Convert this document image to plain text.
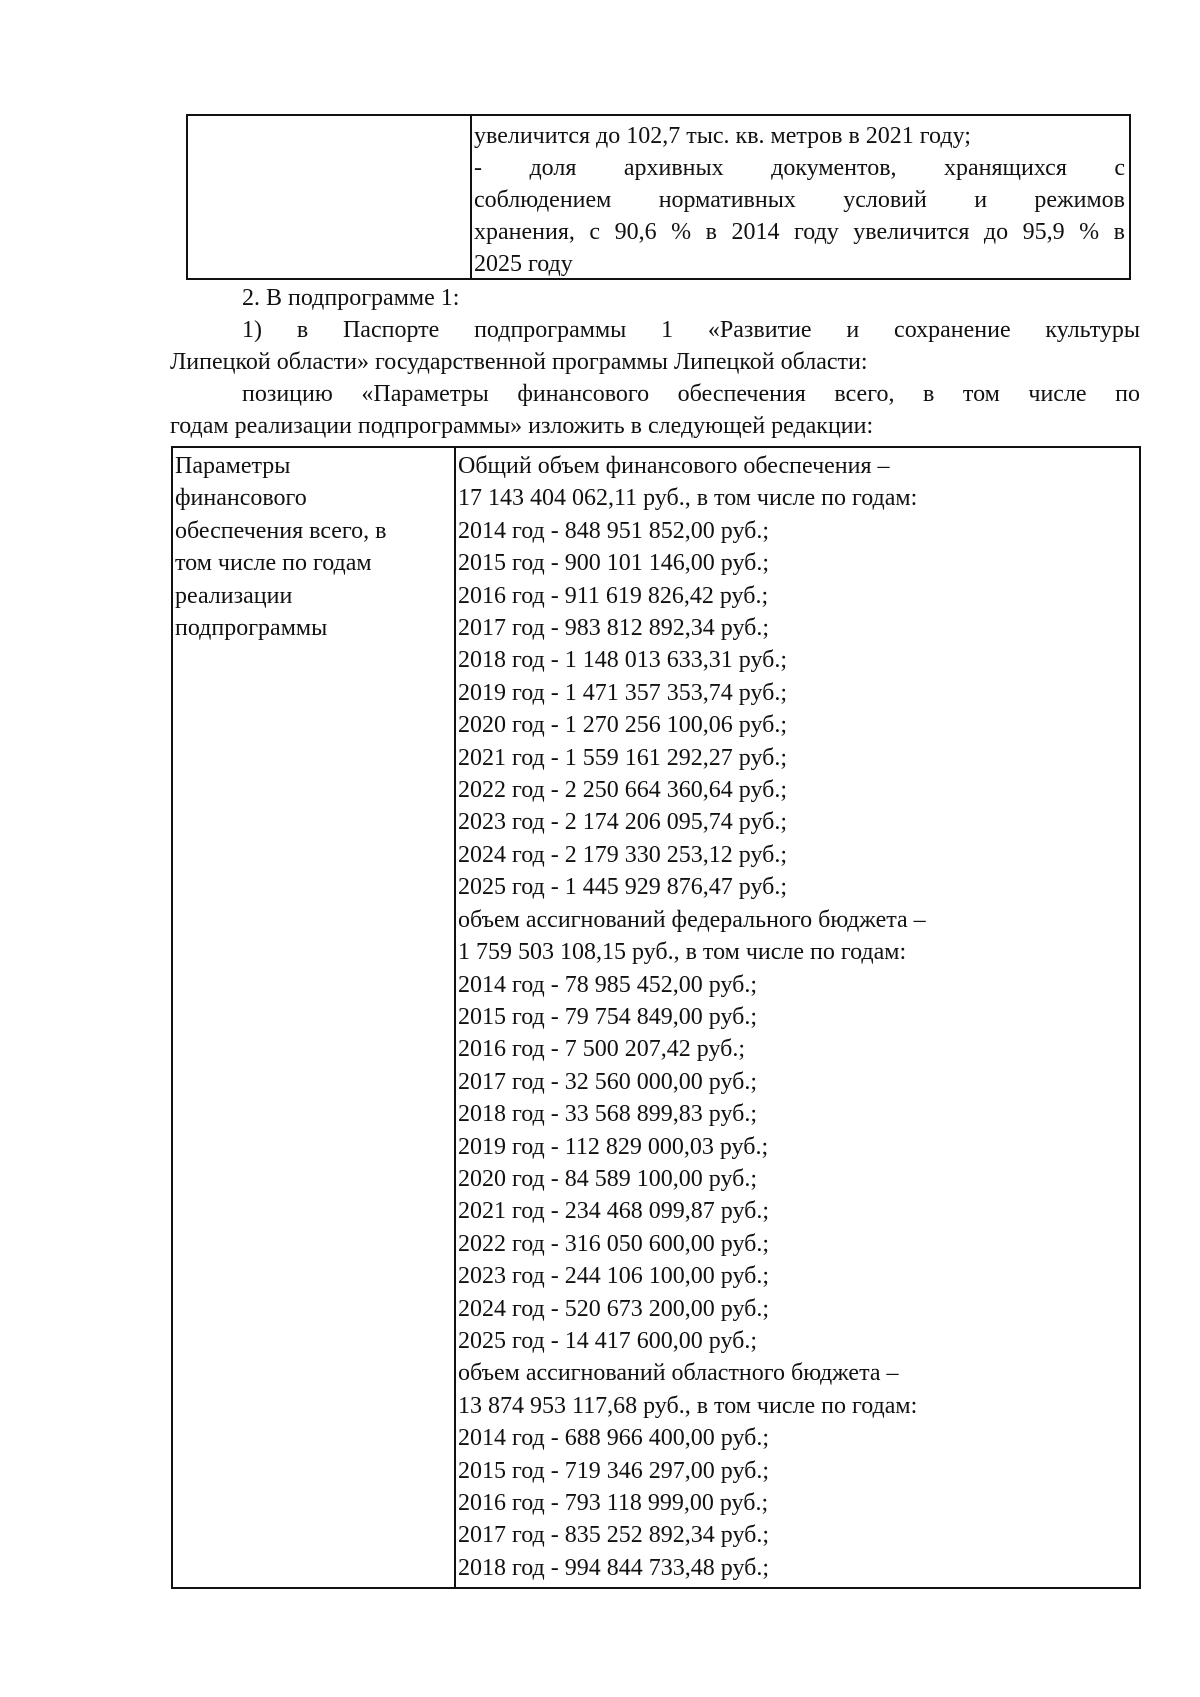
увеличится до 102,7 тыс. кв. метров в 2021 году;
- доля архивных документов, хранящихся с
соблюдением нормативных условий и режимов
хранения, с 90,6 % в 2014 году увеличится до 95,9 % в
2025 году
2. В подпрограмме 1:
1) в Паспорте подпрограммы 1 «Развитие и сохранение культуры
Липецкой области» государственной программы Липецкой области:
позицию «Параметры финансового обеспечения всего, в том числе по
годам реализации подпрограммы» изложить в следующей редакции:
Параметры
финансового
обеспечения всего, в
том числе по годам
реализации
подпрограммы
Общий объем финансового обеспечения –
17 143 404 062,11 руб., в том числе по годам:
2014 год - 848 951 852,00 руб.;
2015 год - 900 101 146,00 руб.;
2016 год - 911 619 826,42 руб.;
2017 год - 983 812 892,34 руб.;
2018 год - 1 148 013 633,31 руб.;
2019 год - 1 471 357 353,74 руб.;
2020 год - 1 270 256 100,06 руб.;
2021 год - 1 559 161 292,27 руб.;
2022 год - 2 250 664 360,64 руб.;
2023 год - 2 174 206 095,74 руб.;
2024 год - 2 179 330 253,12 руб.;
2025 год - 1 445 929 876,47 руб.;
объем ассигнований федерального бюджета –
1 759 503 108,15 руб., в том числе по годам:
2014 год - 78 985 452,00 руб.;
2015 год - 79 754 849,00 руб.;
2016 год - 7 500 207,42 руб.;
2017 год - 32 560 000,00 руб.;
2018 год - 33 568 899,83 руб.;
2019 год - 112 829 000,03 руб.;
2020 год - 84 589 100,00 руб.;
2021 год - 234 468 099,87 руб.;
2022 год - 316 050 600,00 руб.;
2023 год - 244 106 100,00 руб.;
2024 год - 520 673 200,00 руб.;
2025 год - 14 417 600,00 руб.;
объем ассигнований областного бюджета –
13 874 953 117,68 руб., в том числе по годам:
2014 год - 688 966 400,00 руб.;
2015 год - 719 346 297,00 руб.;
2016 год - 793 118 999,00 руб.;
2017 год - 835 252 892,34 руб.;
2018 год - 994 844 733,48 руб.;
